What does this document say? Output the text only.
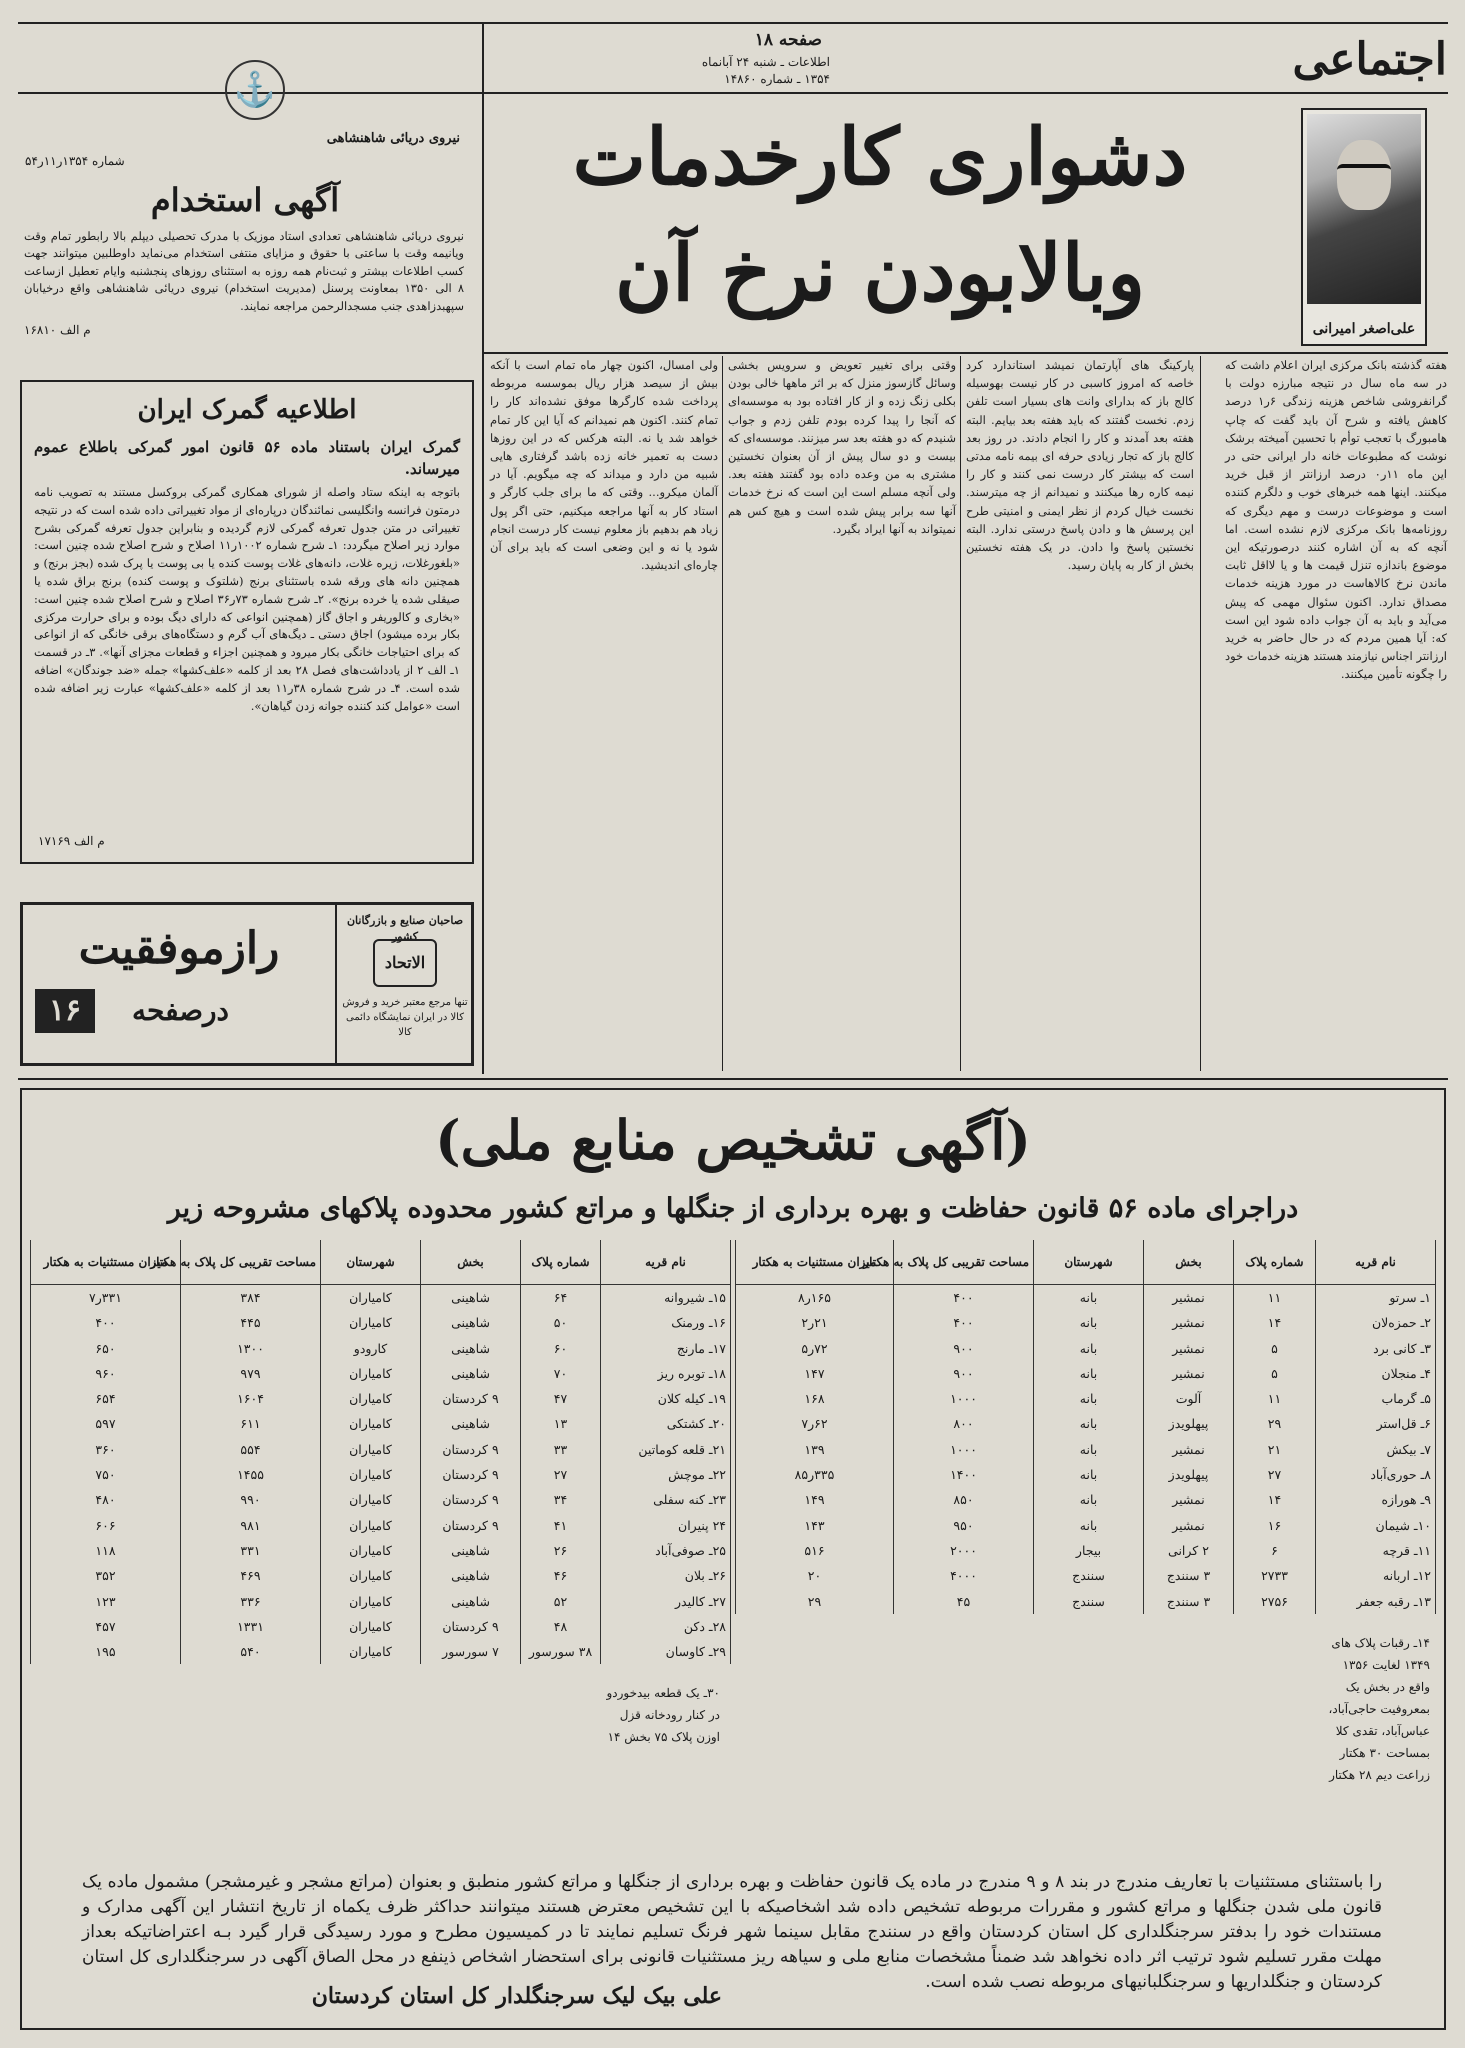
اجتماعی
صفحه ۱۸
اطلاعات ـ شنبه ۲۴ آبانماه
۱۳۵۴ ـ شماره ۱۴۸۶۰
علی‌اصغر امیرانی
دشواری کارخدمات
وبالابودن نرخ آن

هفته گذشته بانک مرکزی ایران اعلام داشت که در سه ماه سال در نتیجه مبارزه دولت با گرانفروشی شاخص هزینه زندگی ۶ر۱ درصد کاهش یافته و شرح آن باید گفت که چاپ هامبورگ با تعجب توأم با تحسین آمیخته برشک نوشت که مطبوعات خانه دار ایرانی حتی در این ماه ۱۱ر۰ درصد ارزانتر از قبل خرید میکنند. اینها همه خبرهای خوب و دلگرم کننده است و موضوعات درست و مهم دیگری که روزنامه‌ها بانک مرکزی لازم نشده است. اما آنچه که به آن اشاره کنند درصورتیکه این موضوع باندازه تنزل قیمت ها و یا لااقل ثابت ماندن نرخ کالاهاست در مورد هزینه خدمات مصداق ندارد. اکنون سئوال مهمی که پیش می‌آید و باید به آن جواب داده شود این است که: آیا همین مردم که در حال حاضر به خرید ارزانتر اجناس نیازمند هستند هزینه خدمات خود را چگونه تأمین میکنند.

پارکینگ های آپارتمان نمیشد استاندارد کرد خاصه که امروز کاسبی در کار نیست بهوسیله کالج باز که بدارای وانت های بسیار است تلفن زدم. نخست گفتند که باید هفته بعد بیایم. البته هفته بعد آمدند و کار را انجام دادند. در روز بعد کالج باز که تجار زیادی حرفه ای بیمه نامه مدتی است که بیشتر کار درست نمی کنند و کار را نیمه کاره رها میکنند و نمیدانم از چه میترسند. نخست خیال کردم از نظر ایمنی و امنیتی طرح این پرسش ها و دادن پاسخ درستی ندارد. البته نخستین پاسخ وا دادن. در یک هفته نخستین بخش از کار به پایان رسید.

وقتی برای تغییر تعویض و سرویس بخشی وسائل گازسوز منزل که بر اثر ماهها خالی بودن بکلی زنگ زده و از کار افتاده بود به موسسه‌ای که آنجا را پیدا کرده بودم تلفن زدم و جواب شنیدم که دو هفته بعد سر میزنند. موسسه‌ای که بیست و دو سال پیش از آن بعنوان نخستین مشتری به من وعده داده بود گفتند هفته بعد. ولی آنچه مسلم است این است که نرخ خدمات آنها سه برابر پیش شده است و هیچ کس هم نمیتواند به آنها ایراد بگیرد.

ولی امسال، اکنون چهار ماه تمام است با آنکه بیش از سیصد هزار ریال بموسسه مربوطه پرداخت شده کارگرها موفق نشده‌اند کار را تمام کنند. اکنون هم نمیدانم که آیا این کار تمام خواهد شد یا نه. البته هرکس که در این روزها دست به تعمیر خانه زده باشد گرفتاری هایی شبیه من دارد و میداند که چه میگویم. آیا در آلمان میکرو... وقتی که ما برای جلب کارگر و استاد کار به آنها مراجعه میکنیم، حتی اگر پول زیاد هم بدهیم باز معلوم نیست کار درست انجام شود یا نه و این وضعی است که باید برای آن چاره‌ای اندیشید.

⚓
نیروی دریائی شاهنشاهی
شماره ۱۳۵۴ر۱۱ر۵۴
آگهی استخدام
نیروی دریائی شاهنشاهی تعدادی استاد موزیک با مدرک تحصیلی دیپلم بالا رابطور تمام وقت ویانیمه وقت با ساعتی با حقوق و مزایای منتفی استخدام می‌نماید داوطلبین میتوانند جهت کسب اطلاعات بیشتر و ثبت‌نام همه روزه به استثنای روزهای پنجشنبه وایام تعطیل ازساعت ۸ الی ۱۳۵۰ بمعاونت پرسنل (مدیریت استخدام) نیروی دریائی شاهنشاهی واقع درخیابان سپهبدزاهدی جنب مسجدالرحمن مراجعه نمایند.
م الف ۱۶۸۱۰
اطلاعیه گمرک ایران
گمرک ایران باستناد ماده ۵۶ قانون امور گمرکی باطلاع عموم میرساند.
باتوجه به اینکه ستاد واصله از شورای همکاری گمرکی بروکسل مستند به تصویب نامه درمتون فرانسه وانگلیسی نمائندگان درپاره‌ای از مواد تغییراتی داده شده است که در نتیجه تغییراتی در متن جدول تعرفه گمرکی لازم گردیده و بنابراین جدول تعرفه گمرکی بشرح موارد زیر اصلاح میگردد: ۱ـ شرح شماره ۱۰۰۲ر۱۱ اصلاح و شرح اصلاح شده چنین است: «بلغورغلات، زیره غلات، دانه‌های غلات پوست کنده یا بی پوست یا پرک شده (بجز برنج) و همچنین دانه های ورقه شده باستثنای برنج (شلتوک و پوست کنده) برنج براق شده یا صیقلی شده یا خرده برنج». ۲ـ شرح شماره ۷۳ر۳۶ اصلاح و شرح اصلاح شده چنین است: «بخاری و کالوریفر و اجاق گاز (همچنین انواعی که دارای دیگ بوده و برای حرارت مرکزی بکار برده میشود) اجاق دستی ـ دیگ‌های آب گرم و دستگاه‌های برقی خانگی که از انواعی که برای احتیاجات خانگی بکار میرود و همچنین اجزاء و قطعات مجزای آنها». ۳ـ در قسمت ۱ـ الف ۲ از یادداشت‌های فصل ۲۸ بعد از کلمه «علف‌کشها» جمله «ضد جوندگان» اضافه شده است. ۴ـ در شرح شماره ۳۸ر۱۱ بعد از کلمه «علف‌کشها» عبارت زیر اضافه شده است «عوامل کند کننده جوانه زدن گیاهان».
م الف ۱۷۱۶۹
رازموفقیت
درصفحه
۱۶
صاحبان صنایع و بازرگانان کشور
الاتحاد
تنها مرجع معتبر خرید و فروش کالا در ایران نمایشگاه دائمی کالا
(آگهی تشخیص منابع ملی)
دراجرای ماده ۵۶ قانون حفاظت و بهره برداری از جنگلها و مراتع کشور محدوده پلاکهای مشروحه زیر
نام قریه	شماره پلاک	بخش	شهرستان	مساحت تقریبی کل پلاک به هکتار	میزان مستثنیات به هکتار
۱ـ سرتو	۱۱	نمشیر	بانه	۴۰۰	۱۶۵ر۸
۲ـ حمزه‌لان	۱۴	نمشیر	بانه	۴۰۰	۲۱ر۲
۳ـ کانی برد	۵	نمشیر	بانه	۹۰۰	۷۲ر۵
۴ـ منجلان	۵	نمشیر	بانه	۹۰۰	۱۴۷
۵ـ گرماب	۱۱	آلوت	بانه	۱۰۰۰	۱۶۸
۶ـ قل‌استر	۲۹	پیهلویدز	بانه	۸۰۰	۶۲ر۷
۷ـ بیکش	۲۱	نمشیر	بانه	۱۰۰۰	۱۳۹
۸ـ حوری‌آباد	۲۷	پیهلویدز	بانه	۱۴۰۰	۳۳۵ر۸۵
۹ـ هورازه	۱۴	نمشیر	بانه	۸۵۰	۱۴۹
۱۰ـ شیمان	۱۶	نمشیر	بانه	۹۵۰	۱۴۳
۱۱ـ قرچه	۶	۲ کرانی	بیجار	۲۰۰۰	۵۱۶
۱۲ـ اربانه	۲۷۳۳	۳ سنندج	سنندج	۴۰۰۰	۲۰
۱۳ـ رقبه جعفر	۲۷۵۶	۳ سنندج	سنندج	۴۵	۲۹
۱۴ـ رقبات پلاک های ۱۳۴۹ لغایت ۱۳۵۶ واقع در بخش یک بمعروفیت حاجی‌آباد، عباس‌آباد، تقدی کلا بمساحت ۳۰ هکتار زراعت دیم ۲۸ هکتار
نام قریه	شماره پلاک	بخش	شهرستان	مساحت تقریبی کل پلاک به هکتار	میزان مستثنیات به هکتار
۱۵ـ شیروانه	۶۴	شاهینی	کامیاران	۳۸۴	۳۳۱ر۷
۱۶ـ ورمنک	۵۰	شاهینی	کامیاران	۴۴۵	۴۰۰
۱۷ـ مارنج	۶۰	شاهینی	کارودو	۱۳۰۰	۶۵۰
۱۸ـ توبره ریز	۷۰	شاهینی	کامیاران	۹۷۹	۹۶۰
۱۹ـ کیله کلان	۴۷	۹ کردستان	کامیاران	۱۶۰۴	۶۵۴
۲۰ـ کشتکی	۱۳	شاهینی	کامیاران	۶۱۱	۵۹۷
۲۱ـ قلعه کوماتین	۳۳	۹ کردستان	کامیاران	۵۵۴	۳۶۰
۲۲ـ موچش	۲۷	۹ کردستان	کامیاران	۱۴۵۵	۷۵۰
۲۳ـ کنه سفلی	۳۴	۹ کردستان	کامیاران	۹۹۰	۴۸۰
۲۴ پنیران	۴۱	۹ کردستان	کامیاران	۹۸۱	۶۰۶
۲۵ـ صوفی‌آباد	۲۶	شاهینی	کامیاران	۳۳۱	۱۱۸
۲۶ـ بلان	۴۶	شاهینی	کامیاران	۴۶۹	۳۵۲
۲۷ـ کالیدر	۵۲	شاهینی	کامیاران	۳۳۶	۱۲۳
۲۸ـ دکن	۴۸	۹ کردستان	کامیاران	۱۳۳۱	۴۵۷
۲۹ـ کاوسان	۳۸ سورسور	۷ سورسور	کامیاران	۵۴۰	۱۹۵
۳۰ـ یک قطعه بیدخوردو در کنار رودخانه قزل اوزن پلاک ۷۵ بخش ۱۴
را باستثنای مستثنیات با تعاریف مندرج در بند ۸ و ۹ مندرج در ماده یک قانون حفاظت و بهره برداری از جنگلها و مراتع کشور منطبق و بعنوان (مراتع مشجر و غیرمشجر) مشمول ماده یک قانون ملی شدن جنگلها و مراتع کشور و مقررات مربوطه تشخیص داده شد اشخاصیکه با این تشخیص معترض هستند میتوانند حداکثر ظرف یکماه از تاریخ انتشار این آگهی مدارک و مستندات خود را بدفتر سرجنگلداری کل استان کردستان واقع در سنندج مقابل سینما شهر فرنگ تسلیم نمایند تا در کمیسیون مطرح و مورد رسیدگی قرار گیرد بـه اعتراضاتیکه بعداز مهلت مقرر تسلیم شود ترتیب اثر داده نخواهد شد ضمناً مشخصات منابع ملی و سیاهه ریز مستثنیات قانونی برای استحضار اشخاص ذینفع در محل الصاق آگهی در سرجنگلداری کل استان کردستان و جنگلداریها و سرجنگلبانیهای مربوطه نصب شده است.
علی بیک لیک سرجنگلدار کل استان کردستان
